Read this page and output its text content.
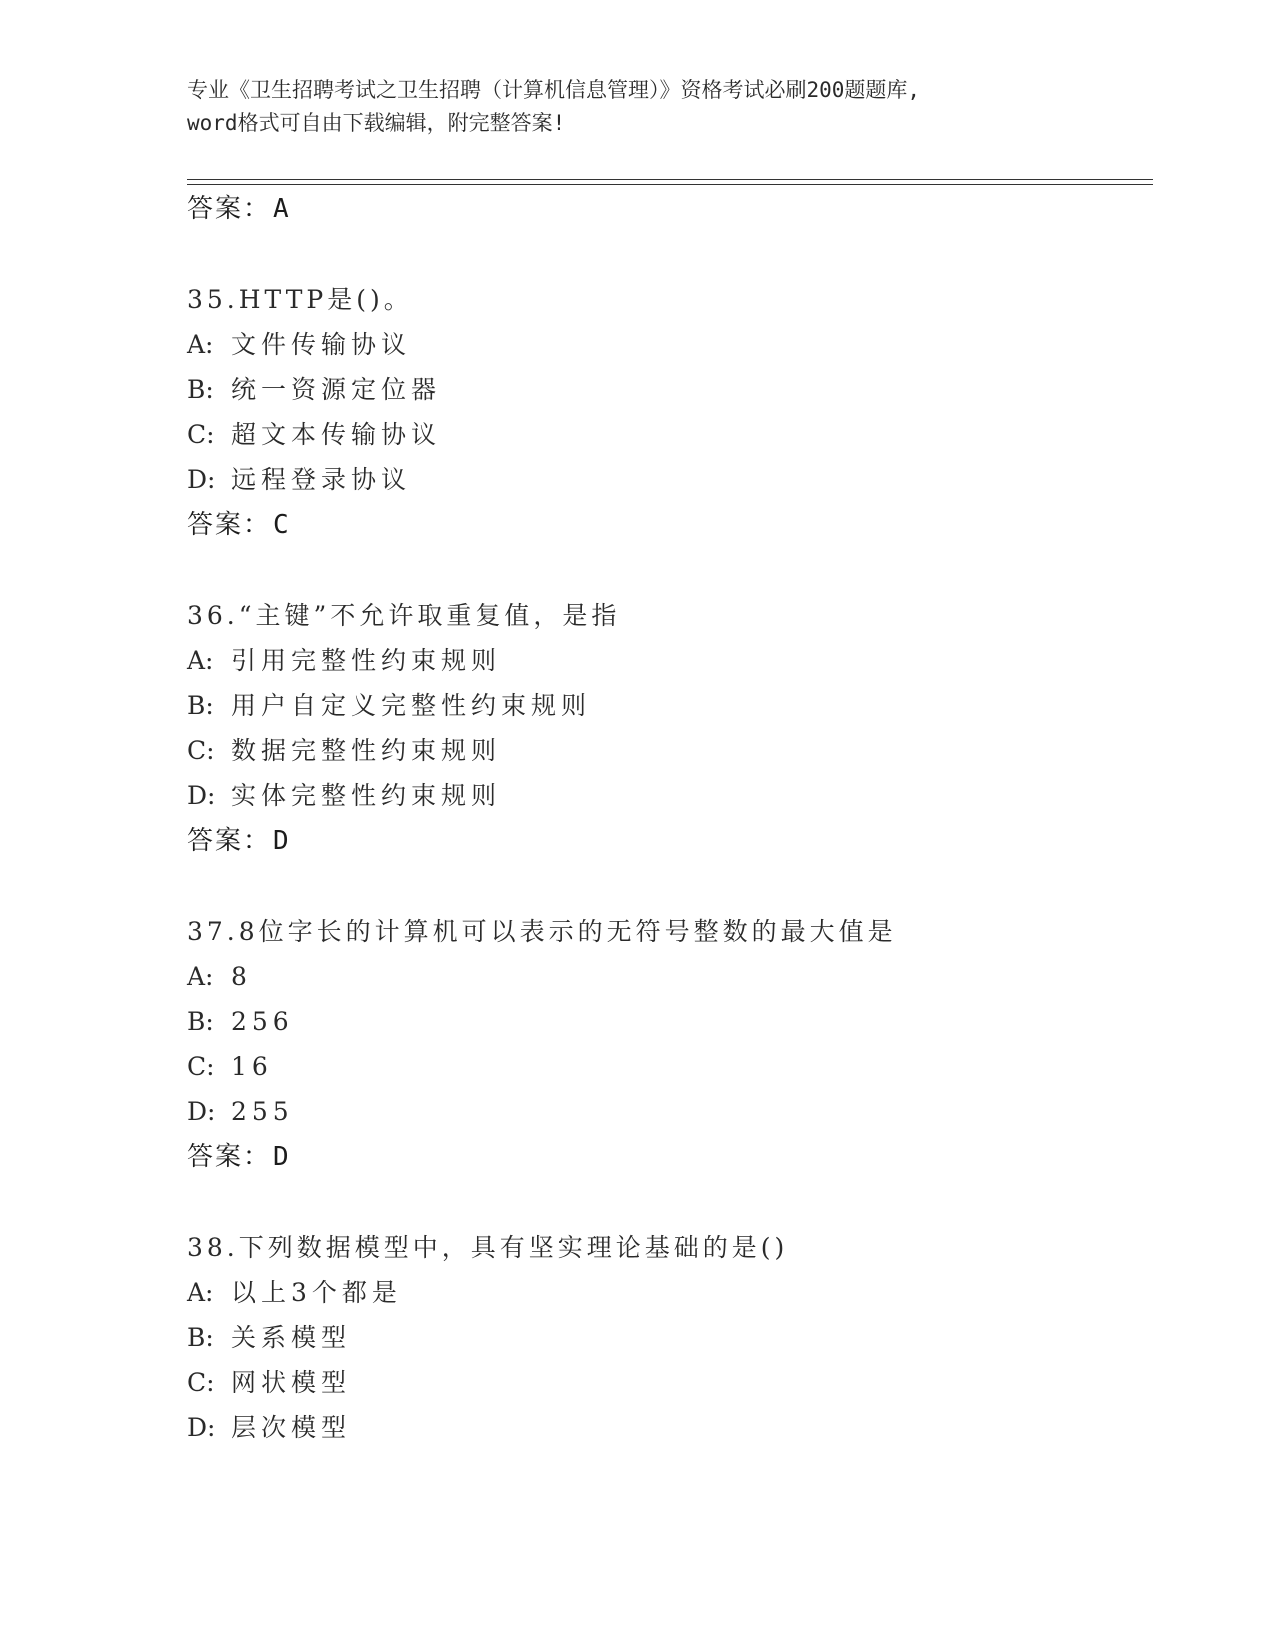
专业《卫生招聘考试之卫生招聘（计算机信息管理）》资格考试必刷200题题库,
word格式可自由下载编辑，附完整答案!
答案：A
35.HTTP是()。
A: 文件传输协议
B: 统一资源定位器
C: 超文本传输协议
D: 远程登录协议
答案：C
36.“主键”不允许取重复值，是指
A: 引用完整性约束规则
B: 用户自定义完整性约束规则
C: 数据完整性约束规则
D: 实体完整性约束规则
答案：D
37.8位字长的计算机可以表示的无符号整数的最大值是
A: 8
B: 256
C: 16
D: 255
答案：D
38.下列数据模型中，具有坚实理论基础的是()
A: 以上3个都是
B: 关系模型
C: 网状模型
D: 层次模型
